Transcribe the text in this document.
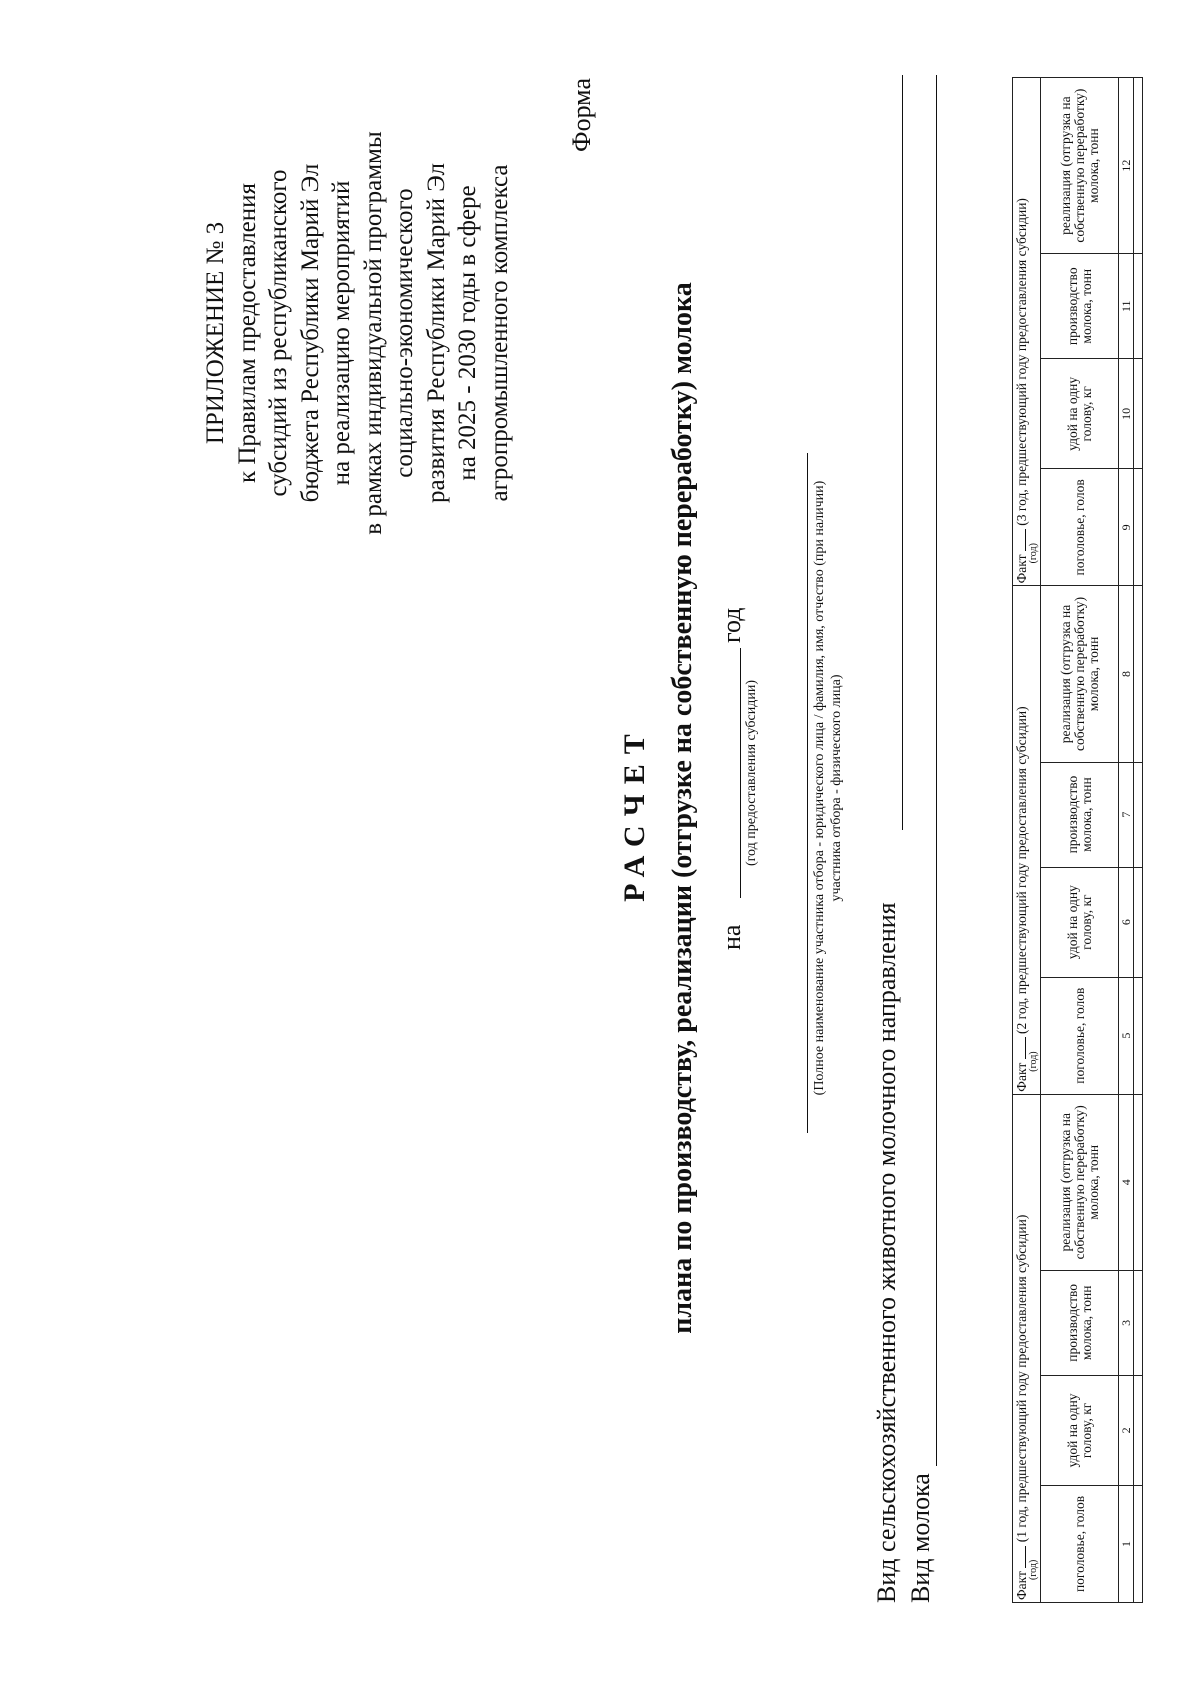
ПРИЛОЖЕНИЕ № 3 к Правилам предоставления субсидий из республиканского бюджета Республики Марий Эл на реализацию мероприятий в рамках индивидуальной программы социально-экономического развития Республики Марий Эл на 2025 - 2030 годы в сфере агропромышленного комплекса
Форма
РАСЧЕТ плана по производству, реализации (отгрузке на собственную переработку) молока на
год
(год предоставления субсидии)	(Полное наименование участника отбора - юридического лица / фамилия, имя, отчество (при наличии) участника отбора - физического лица)
Вид сельскохозяйственного животного молочного направления Вид молока	Факт  (1 год, предшествующий году предоставления субсидии)
(год)				Факт  (2 год, предшествующий году предоставления субсидии)
(год)				Факт  (3 год, предшествующий году предоставления субсидии)
(год)			

поголовье, голов	удой на одну голову, кг	производство молока, тонн	реализация (отгрузка на собственную переработку) молока, тонн	поголовье, голов	удой на одну голову, кг	производство молока, тонн	реализация (отгрузка на собственную переработку) молока, тонн	поголовье, голов	удой на одну голову, кг	производство молока, тонн	реализация (отгрузка на собственную переработку) молока, тонн
1	2	3	4	5	6	7	8	9	10	11	12
